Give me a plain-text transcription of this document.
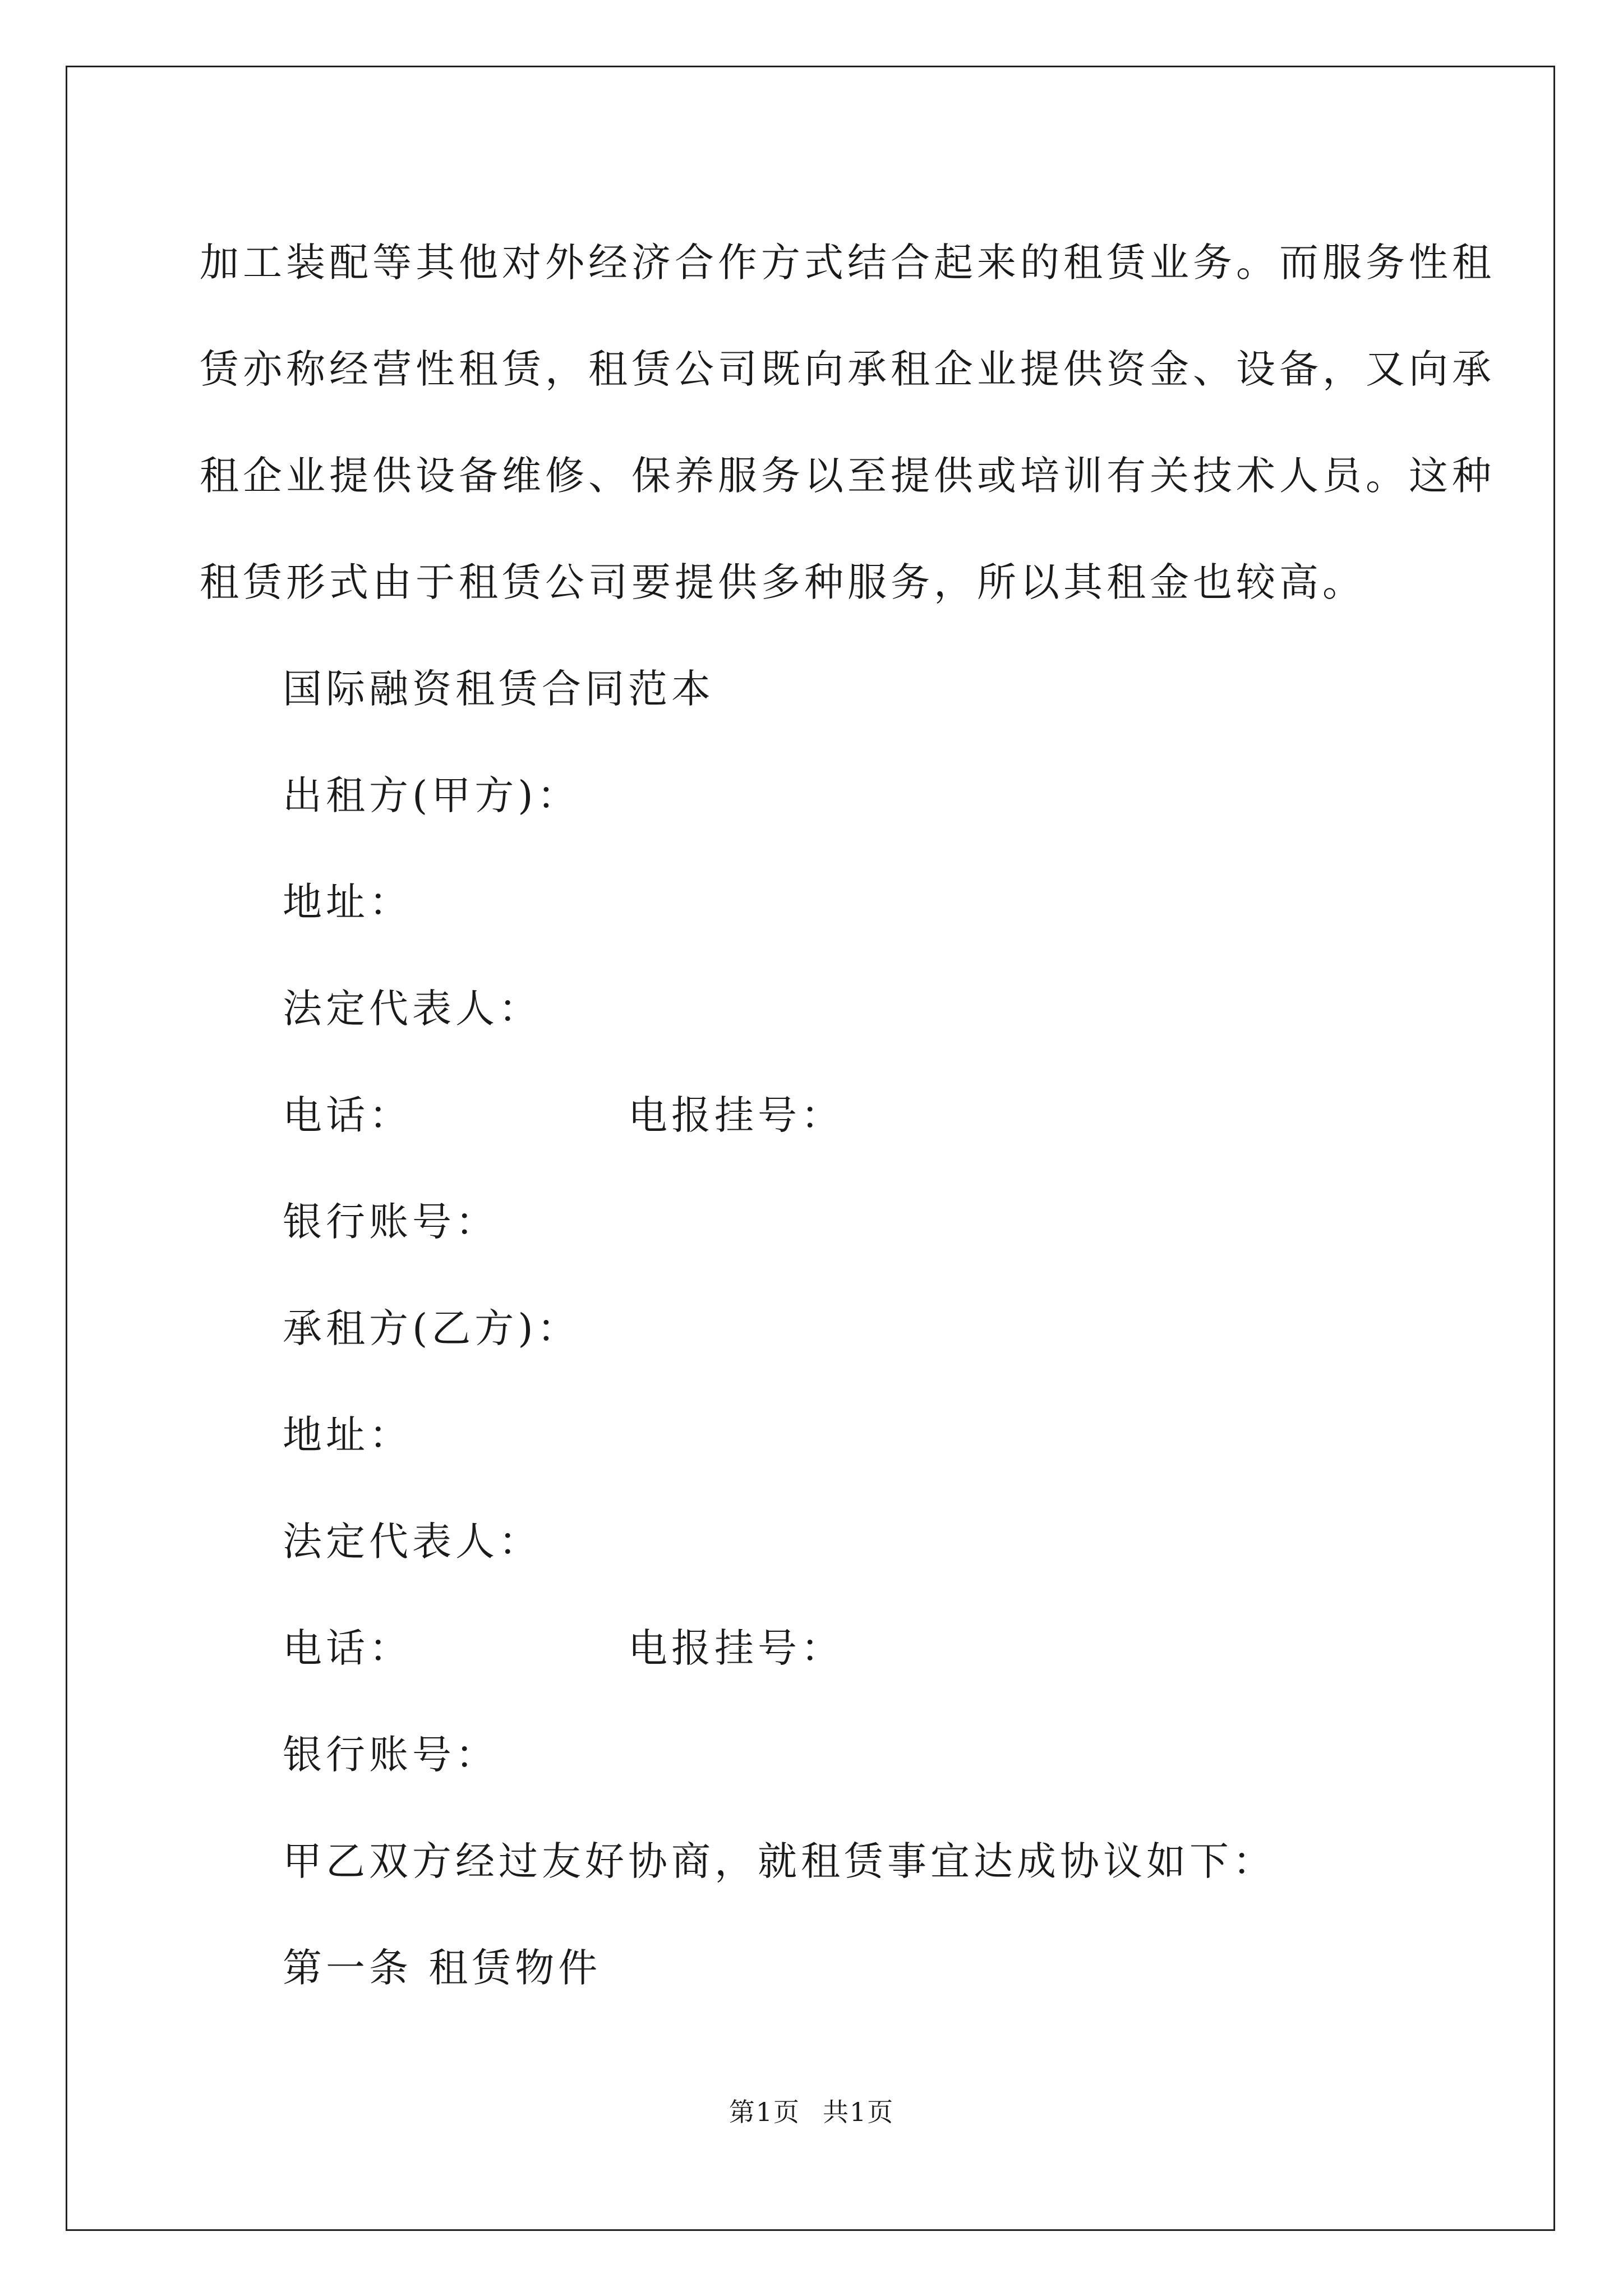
加工装配等其他对外经济合作方式结合起来的租赁业务。而服务性租
赁亦称经营性租赁，租赁公司既向承租企业提供资金、设备，又向承
租企业提供设备维修、保养服务以至提供或培训有关技术人员。这种
租赁形式由于租赁公司要提供多种服务，所以其租金也较高。

国际融资租赁合同范本

出租方(甲方)：

地址：

法定代表人：

电话：	电报挂号：

银行账号：

承租方(乙方)：

地址：

法定代表人：

电话：	电报挂号：

银行账号：

甲乙双方经过友好协商，就租赁事宜达成协议如下：

第一条 租赁物件

第1页 共1页
